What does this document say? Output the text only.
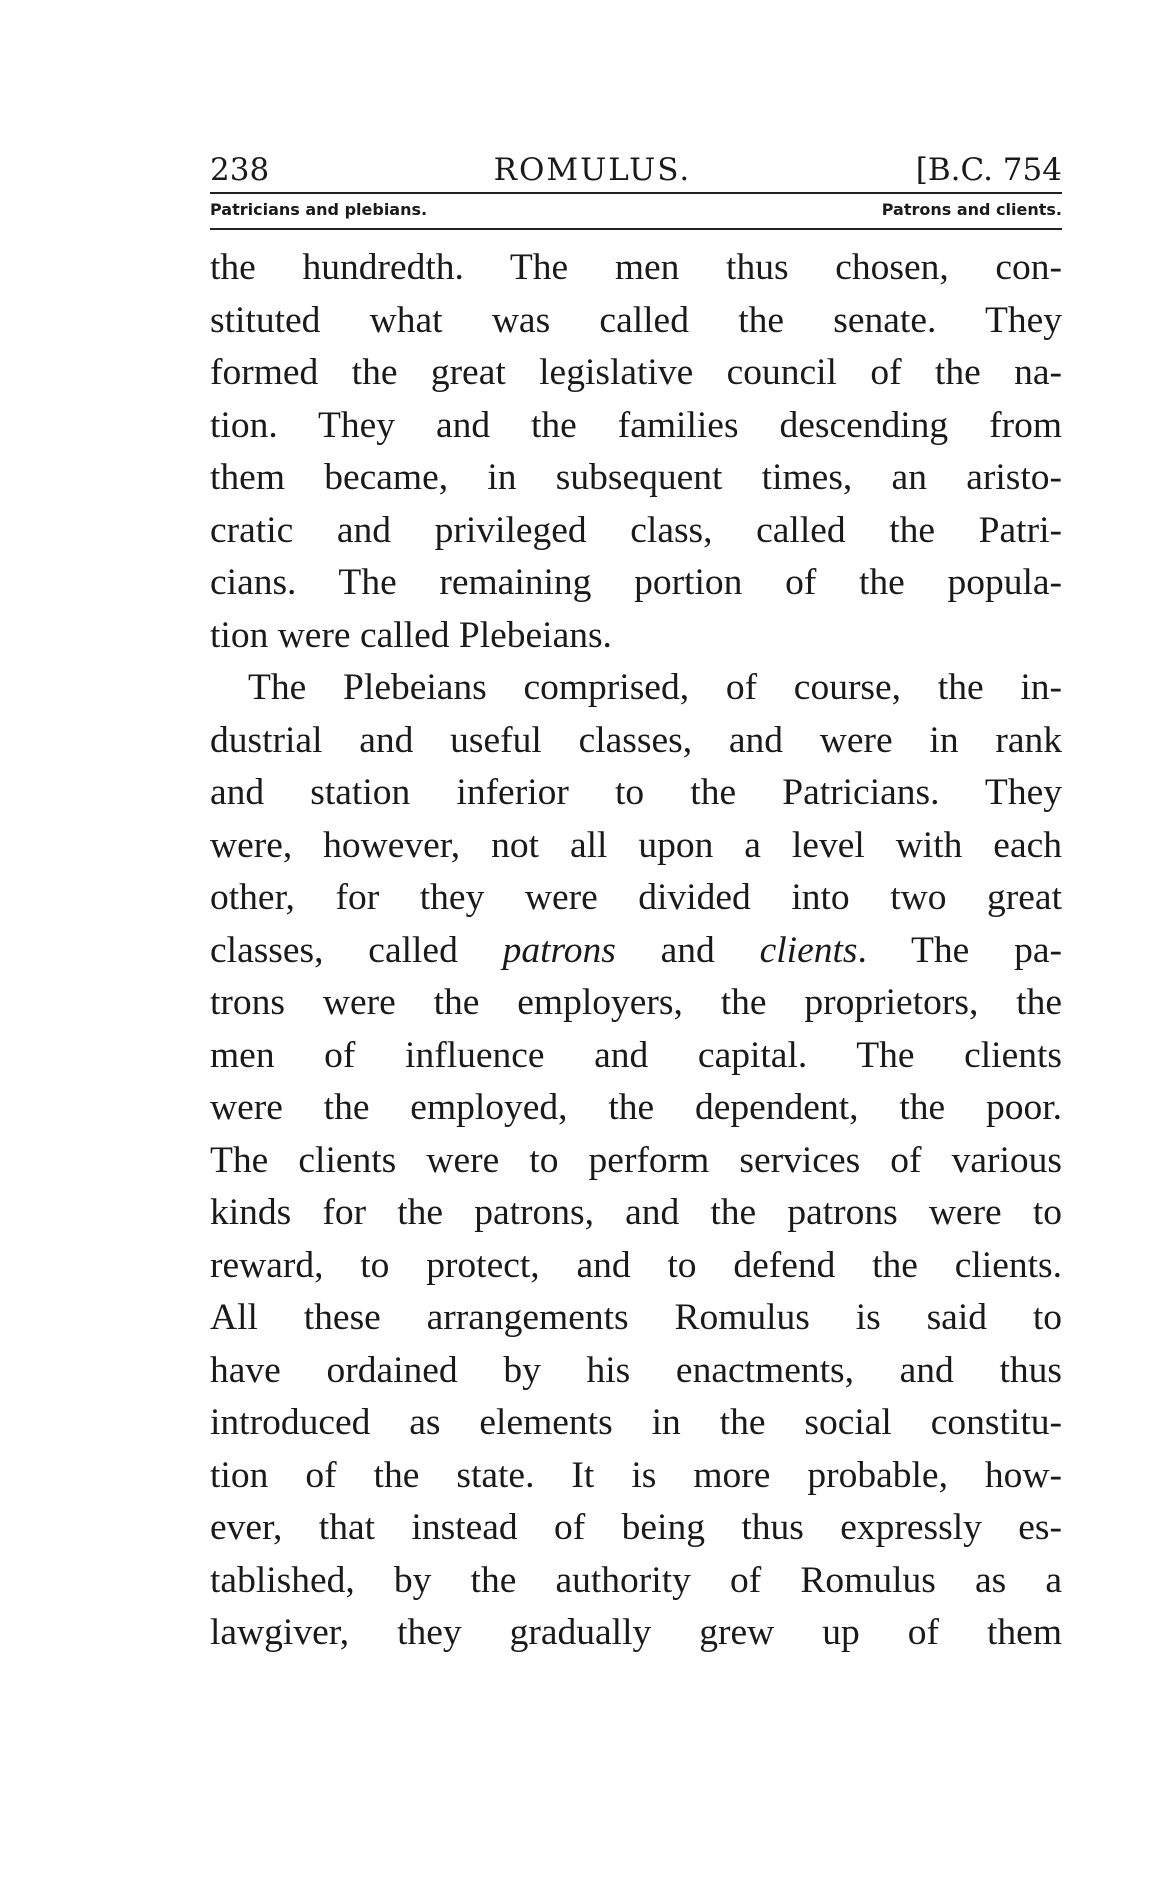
238	ROMULUS.	[B.C. 754
Patricians and plebians.	Patrons and clients.
the hundredth. The men thus chosen, con-
stituted what was called the senate. They
formed the great legislative council of the na-
tion. They and the families descending from
them became, in subsequent times, an aristo-
cratic and privileged class, called the Patri-
cians. The remaining portion of the popula-
tion were called Plebeians.
The Plebeians comprised, of course, the in-
dustrial and useful classes, and were in rank
and station inferior to the Patricians. They
were, however, not all upon a level with each
other, for they were divided into two great
classes, called patrons and clients. The pa-
trons were the employers, the proprietors, the
men of influence and capital. The clients
were the employed, the dependent, the poor.
The clients were to perform services of various
kinds for the patrons, and the patrons were to
reward, to protect, and to defend the clients.
All these arrangements Romulus is said to
have ordained by his enactments, and thus
introduced as elements in the social constitu-
tion of the state. It is more probable, how-
ever, that instead of being thus expressly es-
tablished, by the authority of Romulus as a
lawgiver, they gradually grew up of them
